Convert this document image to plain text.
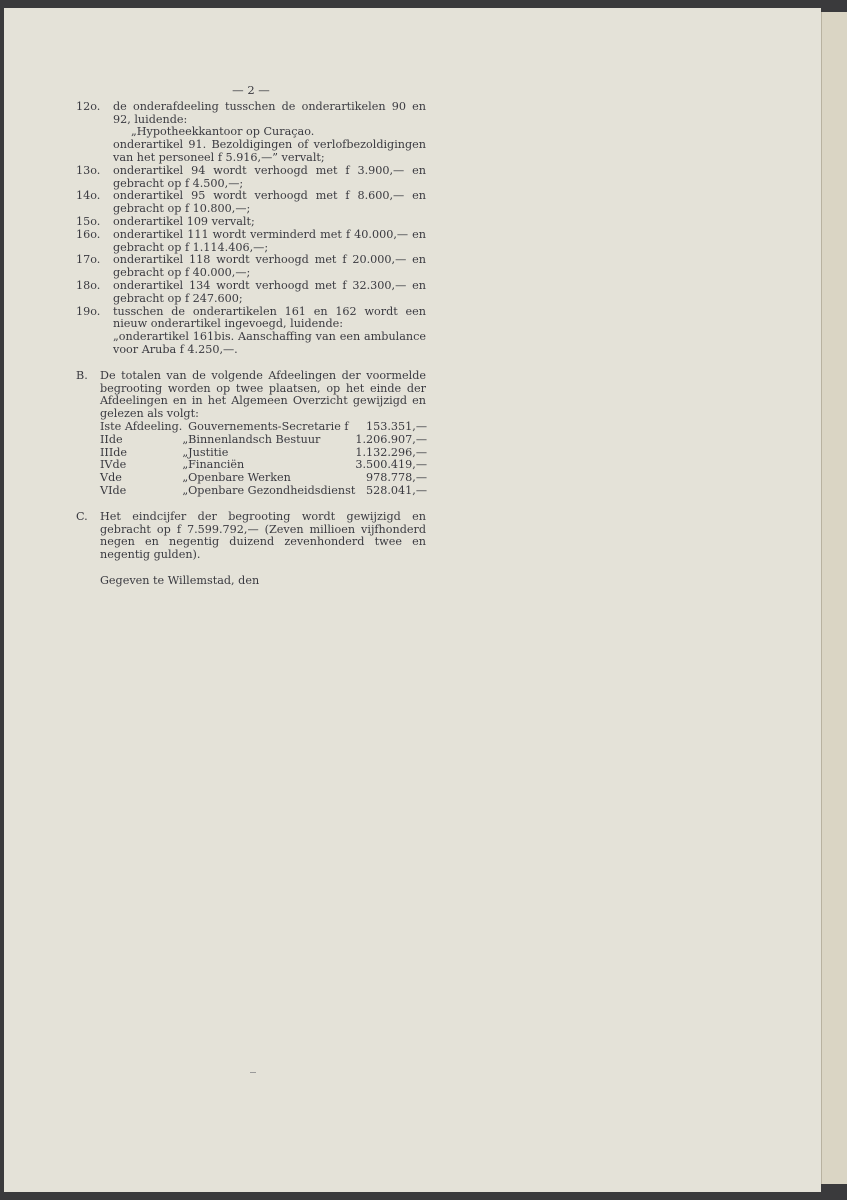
— 2 —
12o.	de onderafdeeling tusschen de onderartikelen 90 en 92, luidende:
„Hypotheekkantoor op Curaçao.
onderartikel 91. Bezoldigingen of verlofbezoldigingen van het personeel f 5.916,—” vervalt;
13o.	onderartikel 94 wordt verhoogd met f 3.900,— en gebracht op f 4.500,—;
14o.	onderartikel 95 wordt verhoogd met f 8.600,— en gebracht op f 10.800,—;
15o.	onderartikel 109 vervalt;
16o.	onderartikel 111 wordt verminderd met f 40.000,— en gebracht op f 1.114.406,—;
17o.	onderartikel 118 wordt verhoogd met f 20.000,— en gebracht op f 40.000,—;
18o.	onderartikel 134 wordt verhoogd met f 32.300,— en gebracht op f 247.600;
19o.	tusschen de onderartikelen 161 en 162 wordt een nieuw onderartikel ingevoegd, luidende:
„onderartikel 161bis. Aanschaffing van een ambulance voor Aruba f 4.250,—.
B.	De totalen van de volgende Afdeelingen der voormelde begrooting worden op twee plaatsen, op het einde der Afdeelingen en in het Algemeen Overzicht gewijzigd en gelezen als volgt:
Iste Afdeeling.		Gouvernements-Secretarie f	153.351,—
IIde	„	Binnenlandsch Bestuur	1.206.907,—
IIIde	„	Justitie	1.132.296,—
IVde	„	Financiën	3.500.419,—
Vde	„	Openbare Werken	978.778,—
VIde	„	Openbare Gezondheidsdienst	528.041,—
C.	Het eindcijfer der begrooting wordt gewijzigd en gebracht op f 7.599.792,— (Zeven millioen vijfhonderd negen en negentig duizend zevenhonderd twee en negentig gulden).
Gegeven te Willemstad, den
